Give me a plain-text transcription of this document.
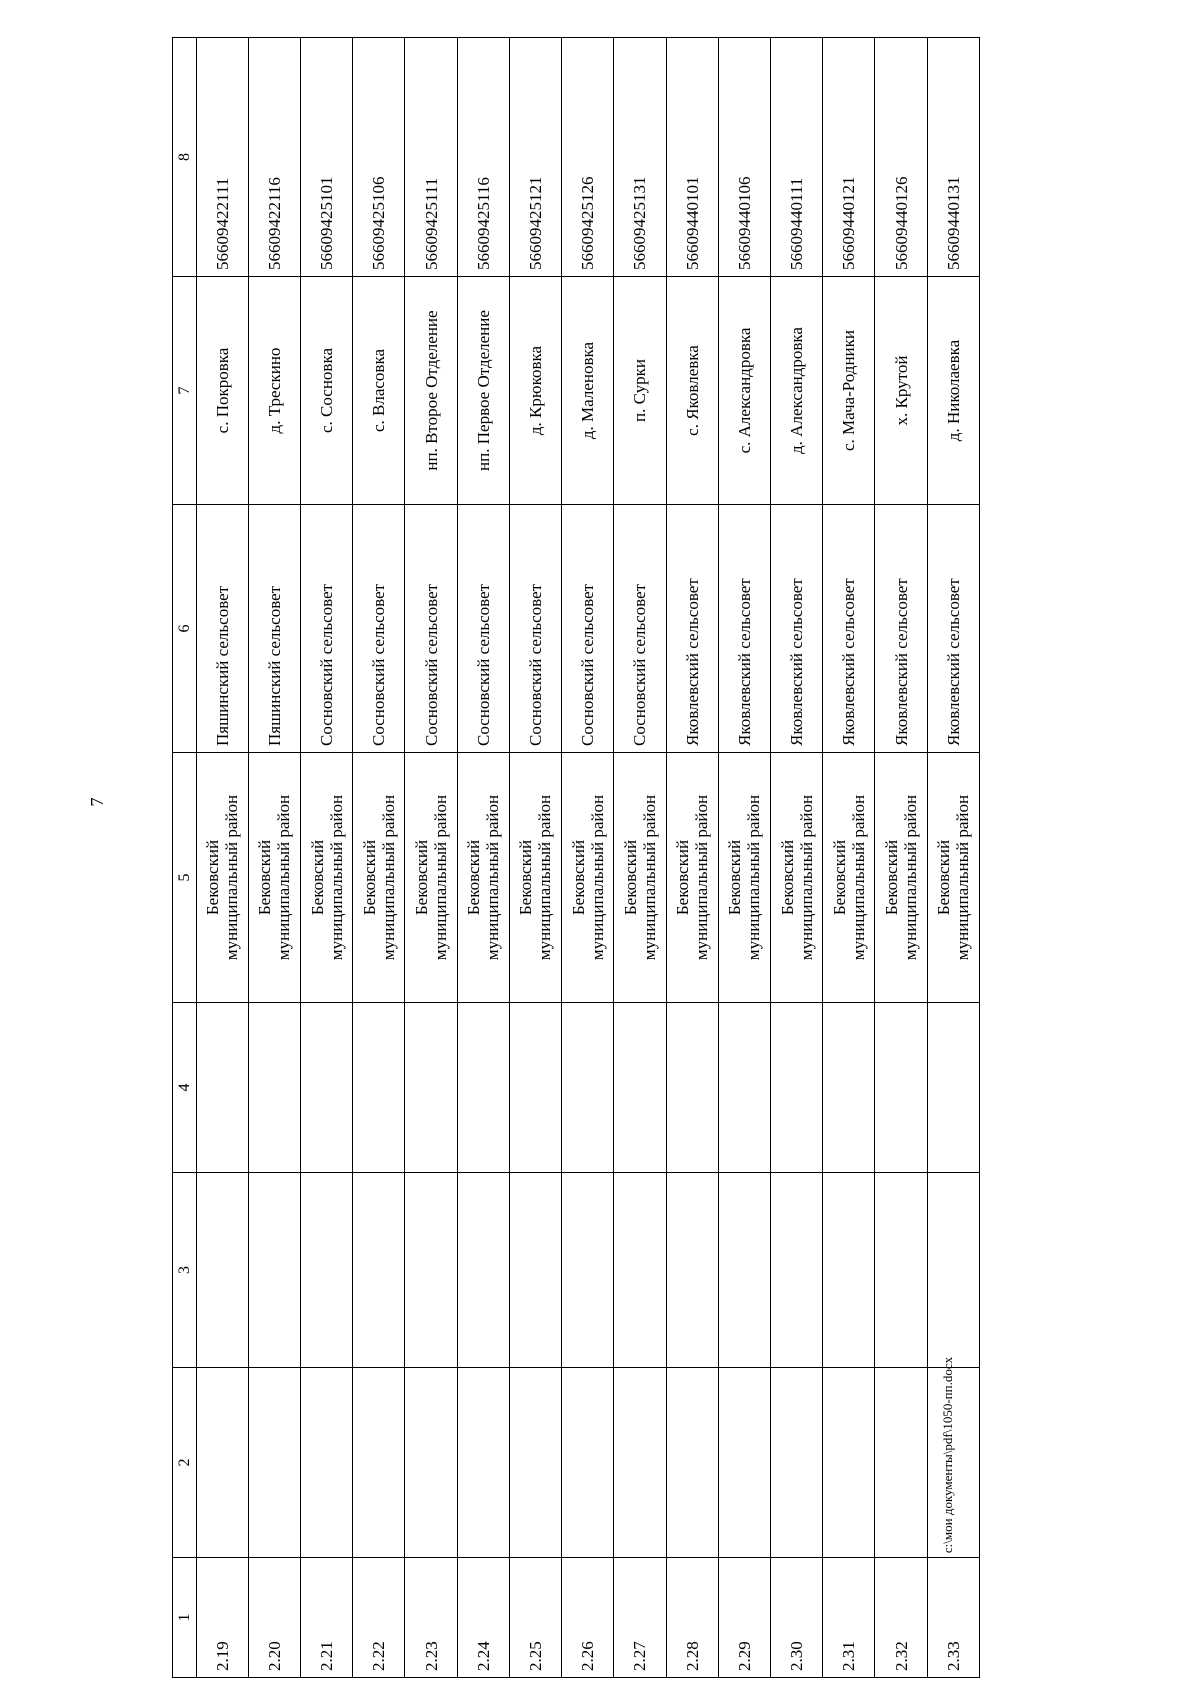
7
1	2	3	4	5	6	7	8
2.19				Бековский муниципальный район	Пяшинский сельсовет	с. Покровка	56609422111
2.20				Бековский муниципальный район	Пяшинский сельсовет	д. Трескино	56609422116
2.21				Бековский муниципальный район	Сосновский сельсовет	с. Сосновка	56609425101
2.22				Бековский муниципальный район	Сосновский сельсовет	с. Власовка	56609425106
2.23				Бековский муниципальный район	Сосновский сельсовет	нп. Второе Отделение	56609425111
2.24				Бековский муниципальный район	Сосновский сельсовет	нп. Первое Отделение	56609425116
2.25				Бековский муниципальный район	Сосновский сельсовет	д. Крюковка	56609425121
2.26				Бековский муниципальный район	Сосновский сельсовет	д. Маленовка	56609425126
2.27				Бековский муниципальный район	Сосновский сельсовет	п. Сурки	56609425131
2.28				Бековский муниципальный район	Яковлевский сельсовет	с. Яковлевка	56609440101
2.29				Бековский муниципальный район	Яковлевский сельсовет	с. Александровка	56609440106
2.30				Бековский муниципальный район	Яковлевский сельсовет	д. Александровка	56609440111
2.31				Бековский муниципальный район	Яковлевский сельсовет	с. Мача-Родники	56609440121
2.32				Бековский муниципальный район	Яковлевский сельсовет	х. Крутой	56609440126
2.33				Бековский муниципальный район	Яковлевский сельсовет	д. Николаевка	56609440131
c:\мои документы\pdf\1050-пп.docx
